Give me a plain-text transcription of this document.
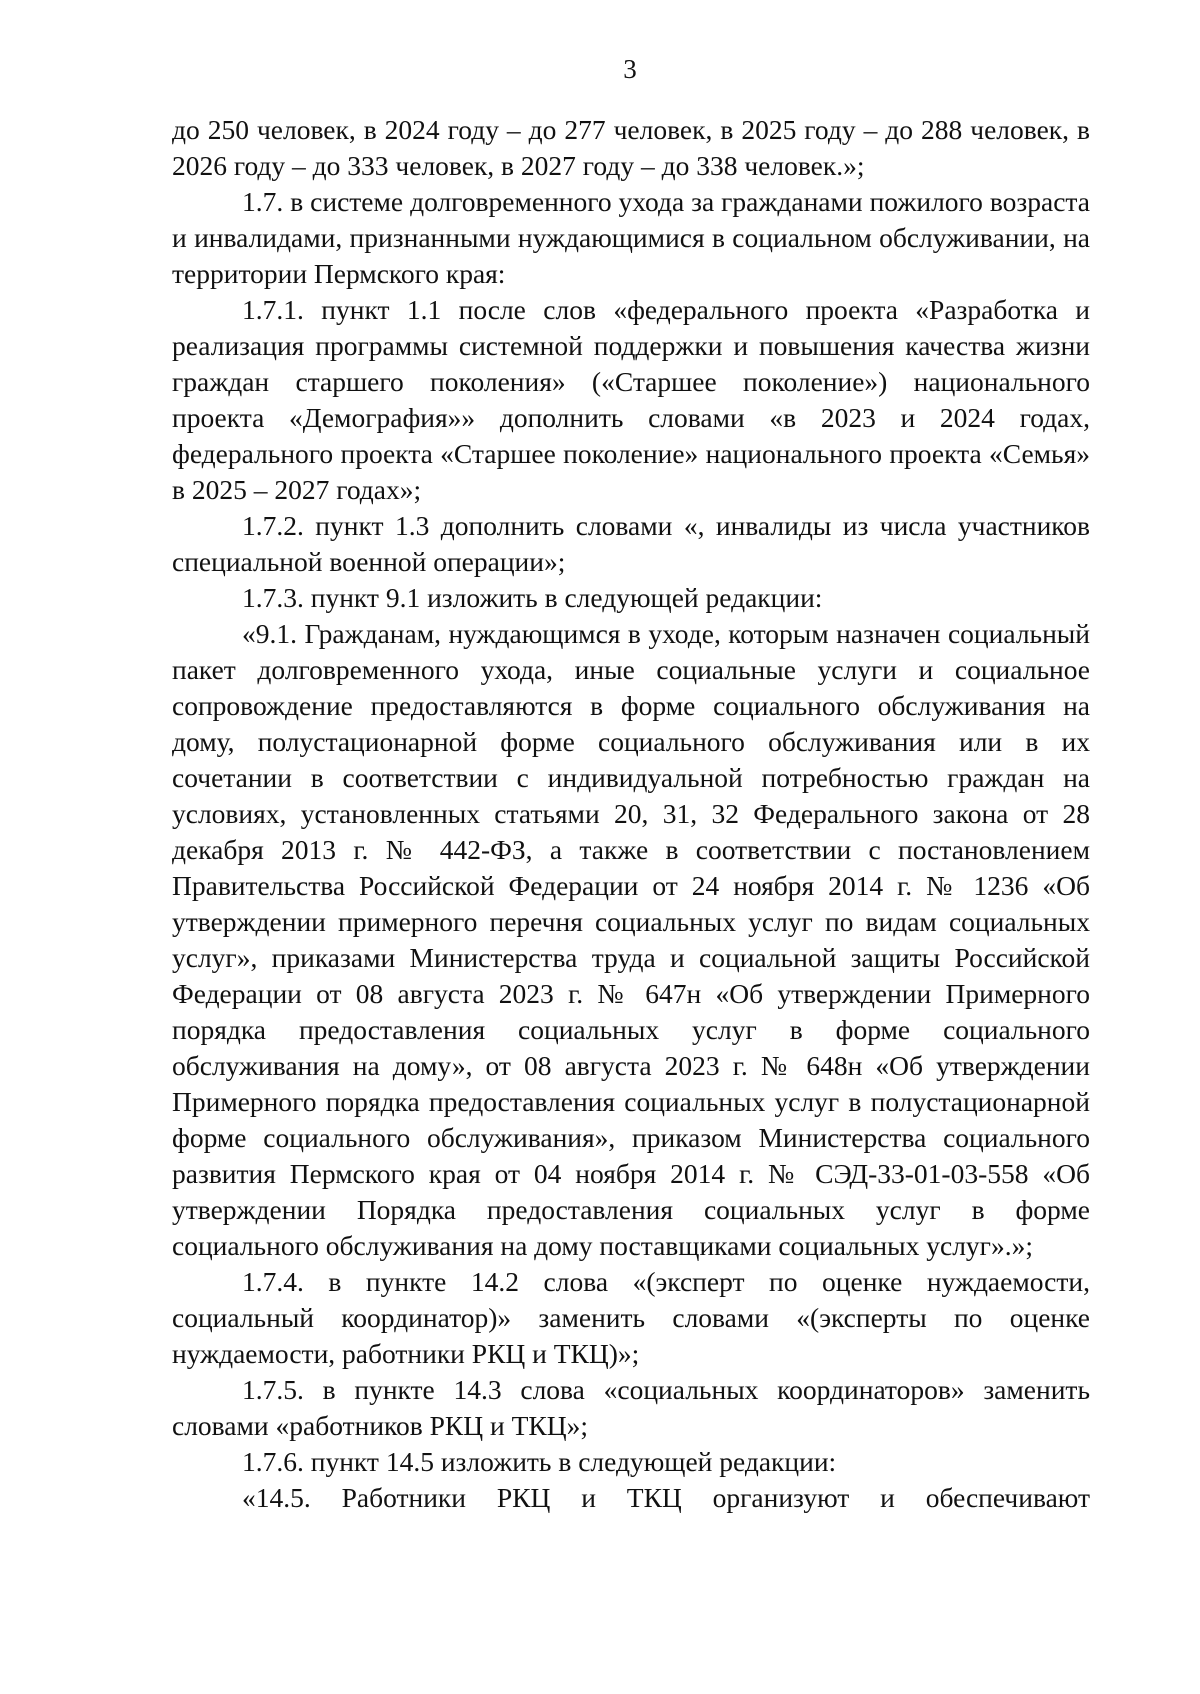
3

до 250 человек, в 2024 году – до 277 человек, в 2025 году – до 288 человек, в 2026 году – до 333 человек, в 2027 году – до 338 человек.»;

1.7. в системе долговременного ухода за гражданами пожилого возраста и инвалидами, признанными нуждающимися в социальном обслуживании, на территории Пермского края:

1.7.1. пункт 1.1 после слов «федерального проекта «Разработка и реализация программы системной поддержки и повышения качества жизни граждан старшего поколения» («Старшее поколение») национального проекта «Демография»» дополнить словами «в 2023 и 2024 годах, федерального проекта «Старшее поколение» национального проекта «Семья» в 2025 – 2027 годах»;

1.7.2. пункт 1.3 дополнить словами «, инвалиды из числа участников специальной военной операции»;

1.7.3. пункт 9.1 изложить в следующей редакции:

«9.1. Гражданам, нуждающимся в уходе, которым назначен социальный пакет долговременного ухода, иные социальные услуги и социальное сопровождение предоставляются в форме социального обслуживания на дому, полустационарной форме социального обслуживания или в их сочетании в соответствии с индивидуальной потребностью граждан на условиях, установленных статьями 20, 31, 32 Федерального закона от 28 декабря 2013 г. № 442-ФЗ, а также в соответствии с постановлением Правительства Российской Федерации от 24 ноября 2014 г. № 1236 «Об утверждении примерного перечня социальных услуг по видам социальных услуг», приказами Министерства труда и социальной защиты Российской Федерации от 08 августа 2023 г. № 647н «Об утверждении Примерного порядка предоставления социальных услуг в форме социального обслуживания на дому», от 08 августа 2023 г. № 648н «Об утверждении Примерного порядка предоставления социальных услуг в полустационарной форме социального обслуживания», приказом Министерства социального развития Пермского края от 04 ноября 2014 г. № СЭД-33-01-03-558 «Об утверждении Порядка предоставления социальных услуг в форме социального обслуживания на дому поставщиками социальных услуг».»;

1.7.4. в пункте 14.2 слова «(эксперт по оценке нуждаемости, социальный координатор)» заменить словами «(эксперты по оценке нуждаемости, работники РКЦ и ТКЦ)»;

1.7.5. в пункте 14.3 слова «социальных координаторов» заменить словами «работников РКЦ и ТКЦ»;

1.7.6. пункт 14.5 изложить в следующей редакции:

«14.5. Работники РКЦ и ТКЦ организуют и обеспечивают
